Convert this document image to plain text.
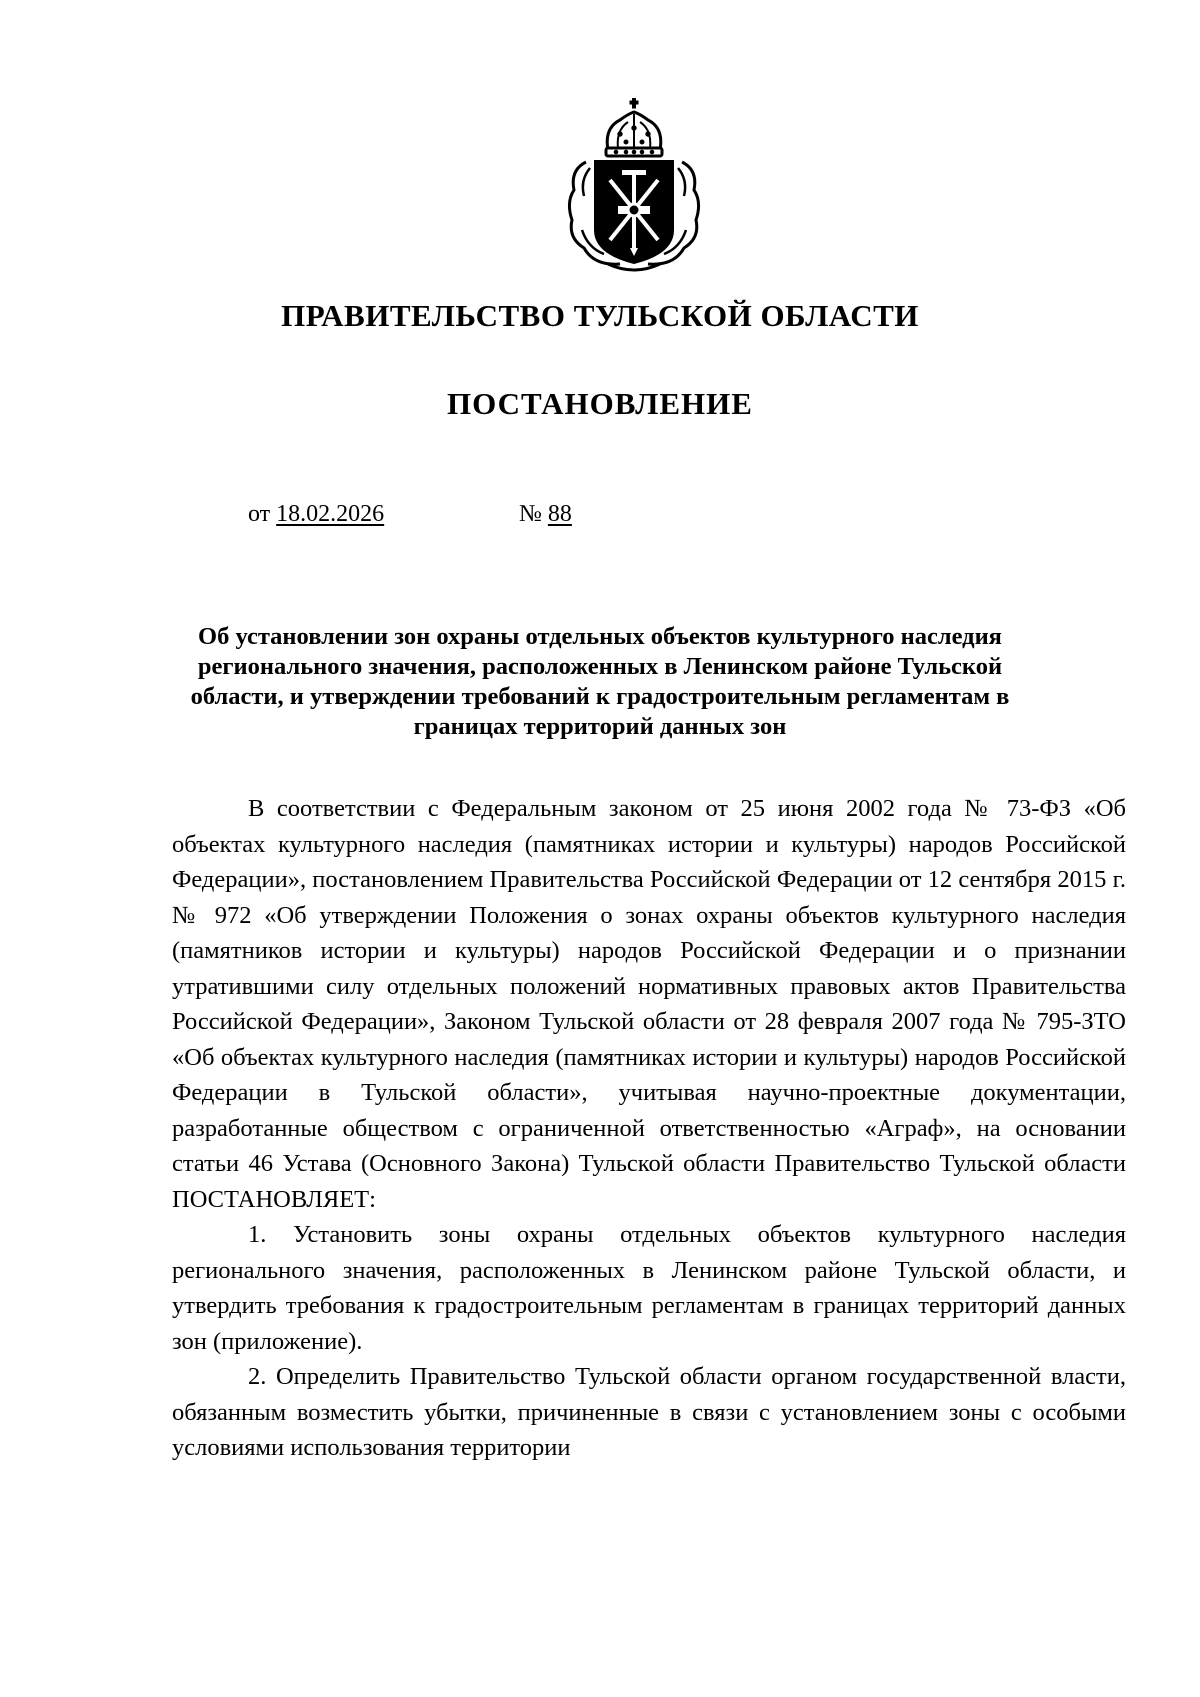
ПРАВИТЕЛЬСТВО ТУЛЬСКОЙ ОБЛАСТИ
ПОСТАНОВЛЕНИЕ
от 18.02.2026	№ 88
Об установлении зон охраны отдельных объектов культурного наследия регионального значения, расположенных в Ленинском районе Тульской области, и утверждении требований к градостроительным регламентам в границах территорий данных зон

В соответствии с Федеральным законом от 25 июня 2002 года № 73-ФЗ «Об объектах культурного наследия (памятниках истории и культуры) народов Российской Федерации», постановлением Правительства Российской Федерации от 12 сентября 2015 г. № 972 «Об утверждении Положения о зонах охраны объектов культурного наследия (памятников истории и культуры) народов Российской Федерации и о признании утратившими силу отдельных положений нормативных правовых актов Правительства Российской Федерации», Законом Тульской области от 28 февраля 2007 года № 795-ЗТО «Об объектах культурного наследия (памятниках истории и культуры) народов Российской Федерации в Тульской области», учитывая научно-проектные документации, разработанные обществом с ограниченной ответственностью «Аграф», на основании статьи 46 Устава (Основного Закона) Тульской области Правительство Тульской области ПОСТАНОВЛЯЕТ:

1. Установить зоны охраны отдельных объектов культурного наследия регионального значения, расположенных в Ленинском районе Тульской области, и утвердить требования к градостроительным регламентам в границах территорий данных зон (приложение).

2. Определить Правительство Тульской области органом государственной власти, обязанным возместить убытки, причиненные в связи с установлением зоны с особыми условиями использования территории
